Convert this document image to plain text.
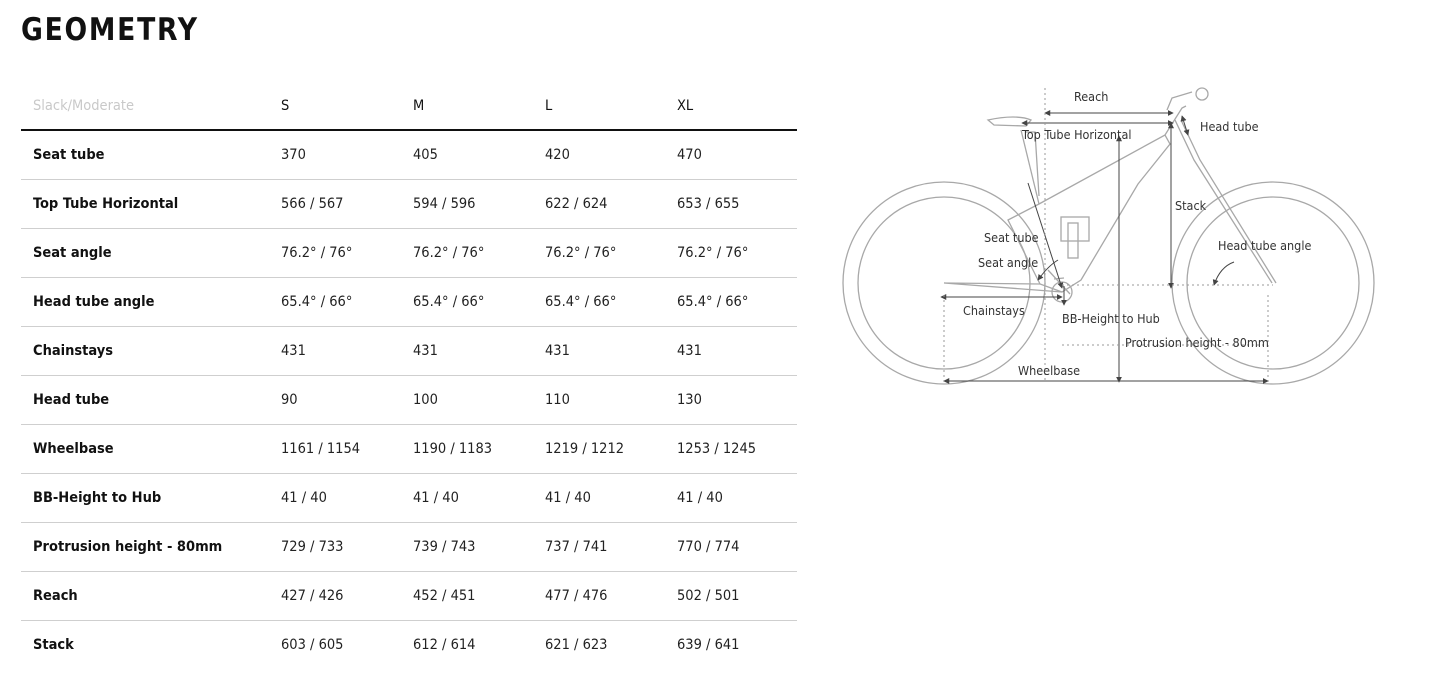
GEOMETRY
Slack/Moderate	S	M	L	XL
Seat tube	370	405	420	470
Top Tube Horizontal	566 / 567	594 / 596	622 / 624	653 / 655
Seat angle	76.2° / 76°	76.2° / 76°	76.2° / 76°	76.2° / 76°
Head tube angle	65.4° / 66°	65.4° / 66°	65.4° / 66°	65.4° / 66°
Chainstays	431	431	431	431
Head tube	90	100	110	130
Wheelbase	1161 / 1154	1190 / 1183	1219 / 1212	1253 / 1245
BB-Height to Hub	41 / 40	41 / 40	41 / 40	41 / 40
Protrusion height - 80mm	729 / 733	739 / 743	737 / 741	770 / 774
Reach	427 / 426	452 / 451	477 / 476	502 / 501
Stack	603 / 605	612 / 614	621 / 623	639 / 641
Reach
Top Tube Horizontal
Head tube
Stack
Seat tube
Seat angle
Head tube angle
Chainstays
BB-Height to Hub
Protrusion height - 80mm
Wheelbase
